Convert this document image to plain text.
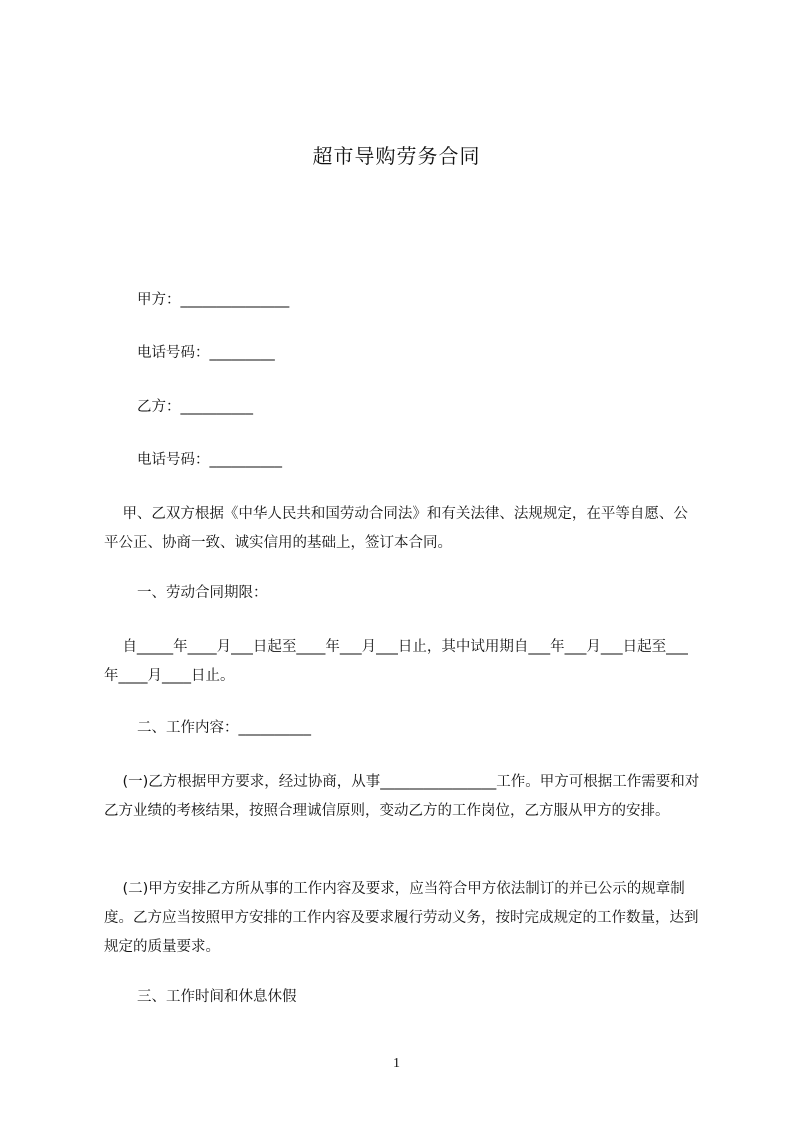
超市导购劳务合同
甲方：_______________
电话号码：_________
乙方：__________
电话号码：__________
甲、乙双方根据《中华人民共和国劳动合同法》和有关法律、法规规定，在平等自愿、公平公正、协商一致、诚实信用的基础上，签订本合同。
一、劳动合同期限：
自_____年____月___日起至____年___月___日止，其中试用期自___年___月___日起至___年____月____日止。
二、工作内容：__________
(一)乙方根据甲方要求，经过协商，从事________________工作。甲方可根据工作需要和对乙方业绩的考核结果，按照合理诚信原则，变动乙方的工作岗位，乙方服从甲方的安排。
(二)甲方安排乙方所从事的工作内容及要求，应当符合甲方依法制订的并已公示的规章制度。乙方应当按照甲方安排的工作内容及要求履行劳动义务，按时完成规定的工作数量，达到规定的质量要求。
三、工作时间和休息休假
1
